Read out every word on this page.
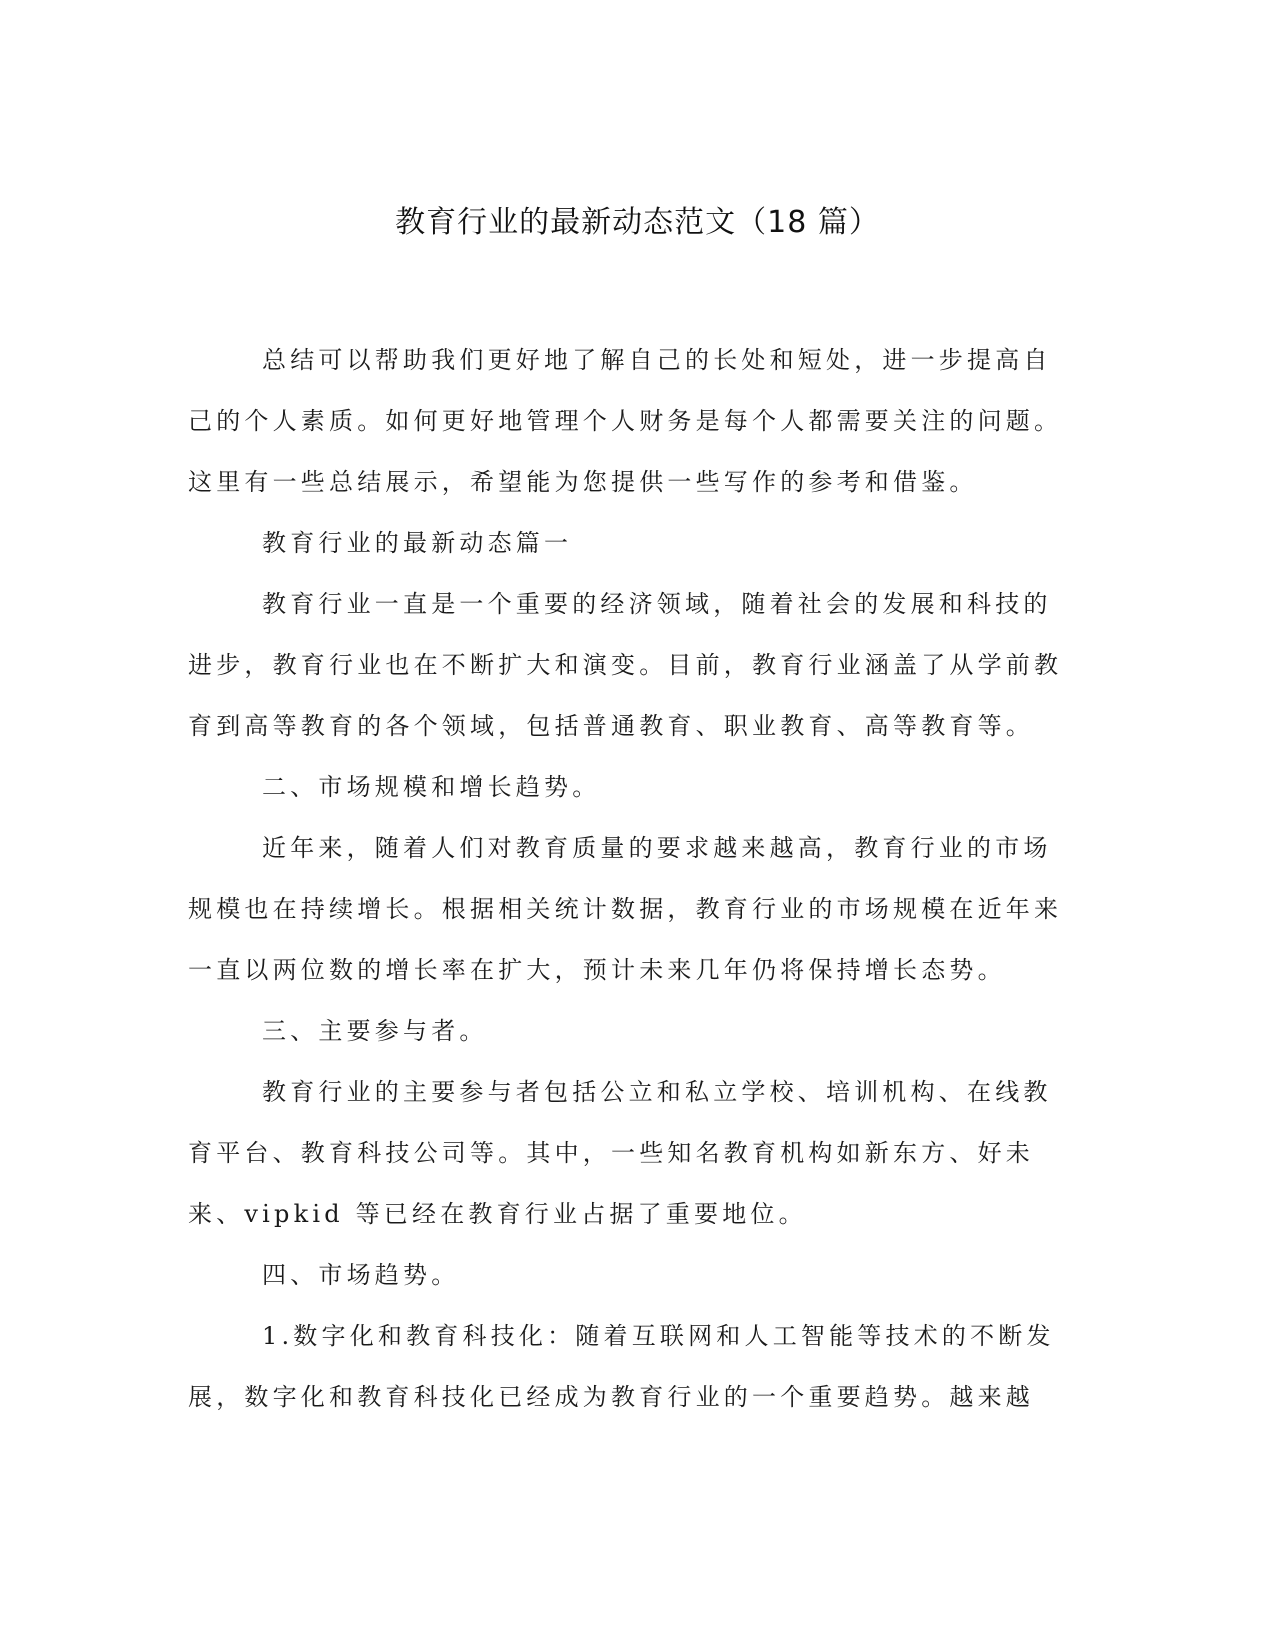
教育行业的最新动态范文（18 篇）

总结可以帮助我们更好地了解自己的长处和短处，进一步提高自己的个人素质。如何更好地管理个人财务是每个人都需要关注的问题。这里有一些总结展示，希望能为您提供一些写作的参考和借鉴。

教育行业的最新动态篇一

教育行业一直是一个重要的经济领域，随着社会的发展和科技的进步，教育行业也在不断扩大和演变。目前，教育行业涵盖了从学前教育到高等教育的各个领域，包括普通教育、职业教育、高等教育等。

二、市场规模和增长趋势。

近年来，随着人们对教育质量的要求越来越高，教育行业的市场规模也在持续增长。根据相关统计数据，教育行业的市场规模在近年来一直以两位数的增长率在扩大，预计未来几年仍将保持增长态势。

三、主要参与者。

教育行业的主要参与者包括公立和私立学校、培训机构、在线教育平台、教育科技公司等。其中，一些知名教育机构如新东方、好未来、vipkid 等已经在教育行业占据了重要地位。

四、市场趋势。

1.数字化和教育科技化：随着互联网和人工智能等技术的不断发展，数字化和教育科技化已经成为教育行业的一个重要趋势。越来越
